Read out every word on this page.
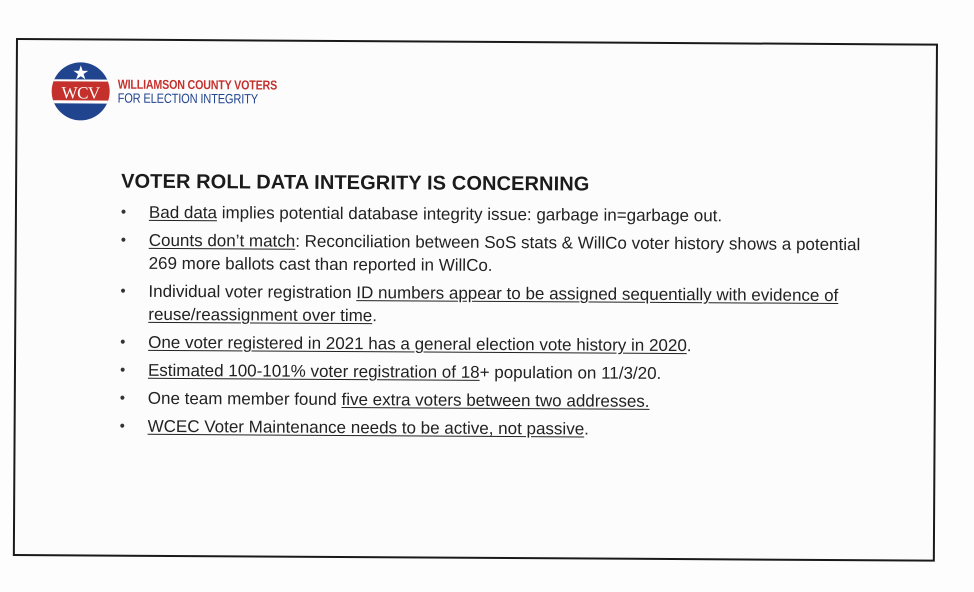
WCV WILLIAMSON COUNTY VOTERS
FOR ELECTION INTEGRITY
VOTER ROLL DATA INTEGRITY IS CONCERNING
• Bad data implies potential database integrity issue: garbage in=garbage out.
• Counts don’t match: Reconciliation between SoS stats & WillCo voter history shows a potential 269 more ballots cast than reported in WillCo.
• Individual voter registration ID numbers appear to be assigned sequentially with evidence of reuse/reassignment over time.
• One voter registered in 2021 has a general election vote history in 2020.
• Estimated 100-101% voter registration of 18+ population on 11/3/20.
• One team member found five extra voters between two addresses.
• WCEC Voter Maintenance needs to be active, not passive.
